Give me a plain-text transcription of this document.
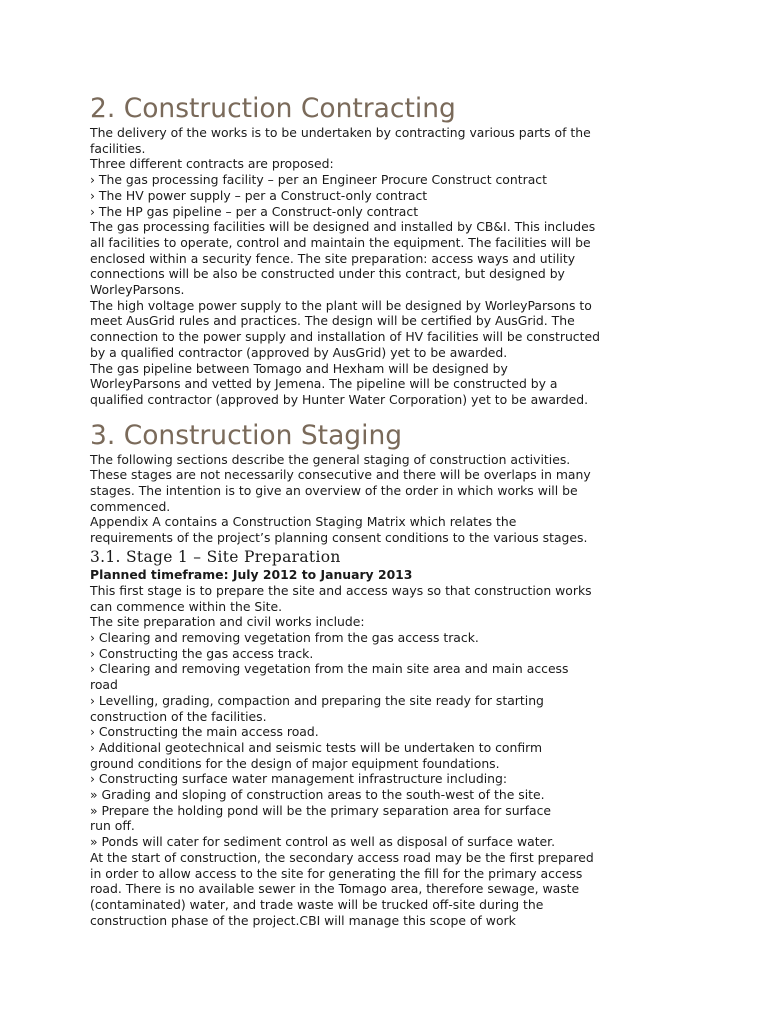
2. Construction Contracting

The delivery of the works is to be undertaken by contracting various parts of the

facilities.

Three different contracts are proposed:

› The gas processing facility – per an Engineer Procure Construct contract

› The HV power supply – per a Construct-only contract

› The HP gas pipeline – per a Construct-only contract

The gas processing facilities will be designed and installed by CB&I. This includes

all facilities to operate, control and maintain the equipment. The facilities will be

enclosed within a security fence. The site preparation: access ways and utility

connections will be also be constructed under this contract, but designed by

WorleyParsons.

The high voltage power supply to the plant will be designed by WorleyParsons to

meet AusGrid rules and practices. The design will be certified by AusGrid. The

connection to the power supply and installation of HV facilities will be constructed

by a qualified contractor (approved by AusGrid) yet to be awarded.

The gas pipeline between Tomago and Hexham will be designed by

WorleyParsons and vetted by Jemena. The pipeline will be constructed by a

qualified contractor (approved by Hunter Water Corporation) yet to be awarded.

3. Construction Staging

The following sections describe the general staging of construction activities.

These stages are not necessarily consecutive and there will be overlaps in many

stages. The intention is to give an overview of the order in which works will be

commenced.

Appendix A contains a Construction Staging Matrix which relates the

requirements of the project’s planning consent conditions to the various stages.

3.1. Stage 1 – Site Preparation
Planned timeframe: July 2012 to January 2013

This first stage is to prepare the site and access ways so that construction works

can commence within the Site.

The site preparation and civil works include:

› Clearing and removing vegetation from the gas access track.

› Constructing the gas access track.

› Clearing and removing vegetation from the main site area and main access

road

› Levelling, grading, compaction and preparing the site ready for starting

construction of the facilities.

› Constructing the main access road.

› Additional geotechnical and seismic tests will be undertaken to confirm

ground conditions for the design of major equipment foundations.

› Constructing surface water management infrastructure including:

» Grading and sloping of construction areas to the south-west of the site.

» Prepare the holding pond will be the primary separation area for surface

run off.

» Ponds will cater for sediment control as well as disposal of surface water.

At the start of construction, the secondary access road may be the first prepared

in order to allow access to the site for generating the fill for the primary access

road. There is no available sewer in the Tomago area, therefore sewage, waste

(contaminated) water, and trade waste will be trucked off-site during the

construction phase of the project.CBI will manage this scope of work
